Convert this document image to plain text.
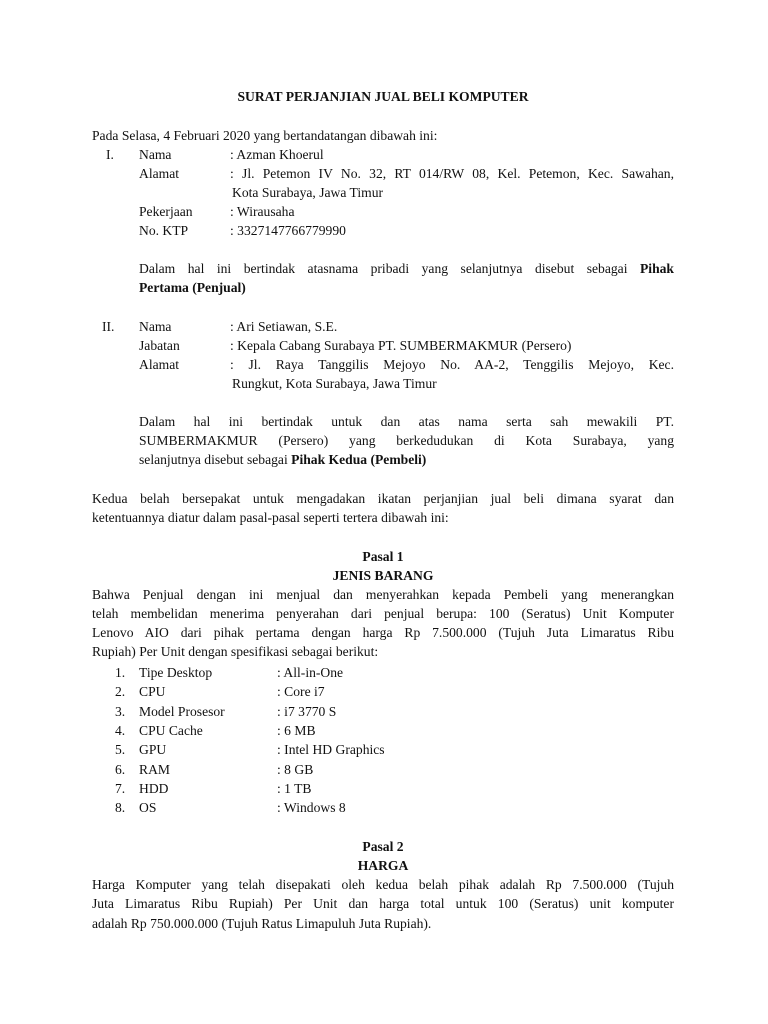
SURAT PERJANJIAN JUAL BELI KOMPUTER
Pada Selasa, 4 Februari 2020 yang bertandatangan dibawah ini:
I. Nama	: Azman Khoerul
Alamat	: Jl. Petemon IV No. 32, RT 014/RW 08, Kel. Petemon, Kec. Sawahan,
Kota Surabaya, Jawa Timur
Pekerjaan	: Wirausaha
No. KTP	: 3327147766779990
Dalam hal ini bertindak atasnama pribadi yang selanjutnya disebut sebagai Pihak
Pertama (Penjual)
II. Nama	: Ari Setiawan, S.E.
Jabatan	: Kepala Cabang Surabaya PT. SUMBERMAKMUR (Persero)
Alamat	: Jl. Raya Tanggilis Mejoyo No. AA-2, Tenggilis Mejoyo, Kec.
Rungkut, Kota Surabaya, Jawa Timur
Dalam hal ini bertindak untuk dan atas nama serta sah mewakili PT.
SUMBERMAKMUR (Persero) yang berkedudukan di Kota Surabaya, yang
selanjutnya disebut sebagai Pihak Kedua (Pembeli)
Kedua belah bersepakat untuk mengadakan ikatan perjanjian jual beli dimana syarat dan
ketentuannya diatur dalam pasal-pasal seperti tertera dibawah ini:
Pasal 1
JENIS BARANG
Bahwa Penjual dengan ini menjual dan menyerahkan kepada Pembeli yang menerangkan
telah membelidan menerima penyerahan dari penjual berupa: 100 (Seratus) Unit Komputer
Lenovo AIO dari pihak pertama dengan harga Rp 7.500.000 (Tujuh Juta Limaratus Ribu
Rupiah) Per Unit dengan spesifikasi sebagai berikut:
1. Tipe Desktop	: All-in-One
2. CPU	: Core i7
3. Model Prosesor	: i7 3770 S
4. CPU Cache	: 6 MB
5. GPU	: Intel HD Graphics
6. RAM	: 8 GB
7. HDD	: 1 TB
8. OS	: Windows 8
Pasal 2
HARGA
Harga Komputer yang telah disepakati oleh kedua belah pihak adalah Rp 7.500.000 (Tujuh
Juta Limaratus Ribu Rupiah) Per Unit dan harga total untuk 100 (Seratus) unit komputer
adalah Rp 750.000.000 (Tujuh Ratus Limapuluh Juta Rupiah).
